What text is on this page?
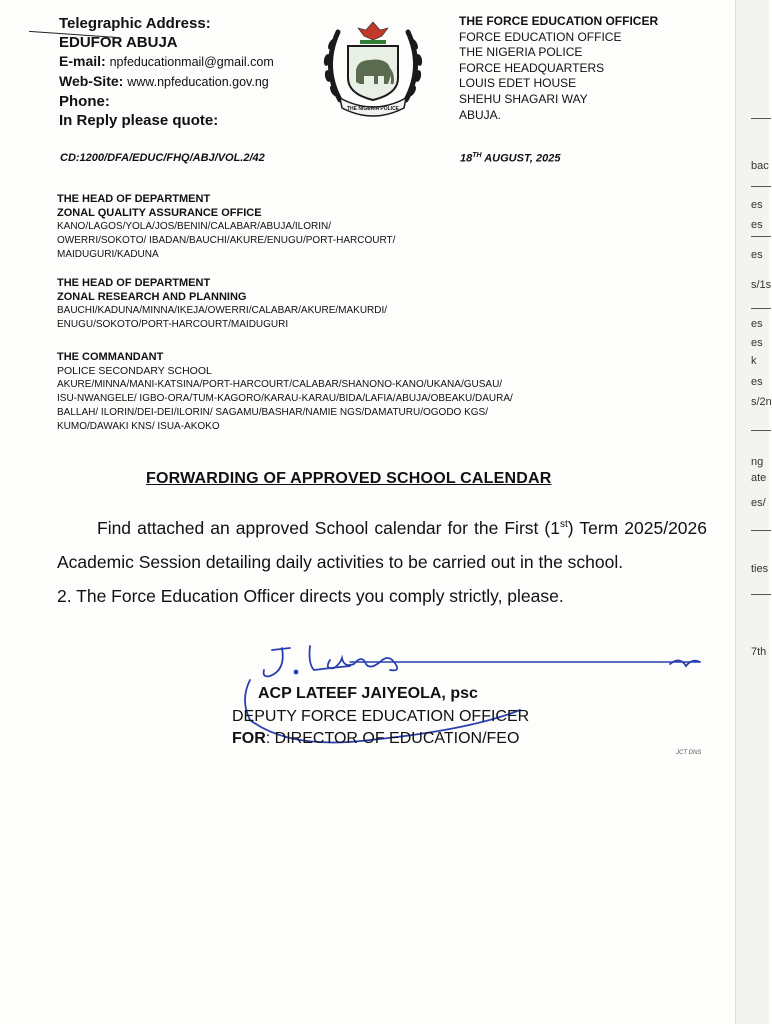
Telegraphic Address:
EDUFOR ABUJA
E-mail: npfeducationmail@gmail.com
Web-Site: www.npfeducation.gov.ng
Phone:
In Reply please quote:
THE NIGERIA POLICE
THE FORCE EDUCATION OFFICER
FORCE EDUCATION OFFICE
THE NIGERIA POLICE
FORCE HEADQUARTERS
LOUIS EDET HOUSE
SHEHU SHAGARI WAY
ABUJA.
CD:1200/DFA/EDUC/FHQ/ABJ/VOL.2/42	18TH AUGUST, 2025
THE HEAD OF DEPARTMENT
ZONAL QUALITY ASSURANCE OFFICE
KANO/LAGOS/YOLA/JOS/BENIN/CALABAR/ABUJA/ILORIN/
OWERRI/SOKOTO/ IBADAN/BAUCHI/AKURE/ENUGU/PORT-HARCOURT/
MAIDUGURI/KADUNA
THE HEAD OF DEPARTMENT
ZONAL RESEARCH AND PLANNING
BAUCHI/KADUNA/MINNA/IKEJA/OWERRI/CALABAR/AKURE/MAKURDI/
ENUGU/SOKOTO/PORT-HARCOURT/MAIDUGURI
THE COMMANDANT
POLICE SECONDARY SCHOOL
AKURE/MINNA/MANI-KATSINA/PORT-HARCOURT/CALABAR/SHANONO-KANO/UKANA/GUSAU/
ISU-NWANGELE/ IGBO-ORA/TUM-KAGORO/KARAU-KARAU/BIDA/LAFIA/ABUJA/OBEAKU/DAURA/
BALLAH/ ILORIN/DEI-DEI/ILORIN/ SAGAMU/BASHAR/NAMIE NGS/DAMATURU/OGODO KGS/
KUMO/DAWAKI KNS/ ISUA-AKOKO
FORWARDING OF APPROVED SCHOOL CALENDAR
Find attached an approved School calendar for the First (1st) Term 2025/2026 Academic Session detailing daily activities to be carried out in the school.
2. The Force Education Officer directs you comply strictly, please.
ACP LATEEF JAIYEOLA, psc
DEPUTY FORCE EDUCATION OFFICER
FOR: DIRECTOR OF EDUCATION/FEO
JCT DNS
bac
es
es
es
s/1s
es
es
k
es
s/2n
ng
ate
es/
ties
7th
